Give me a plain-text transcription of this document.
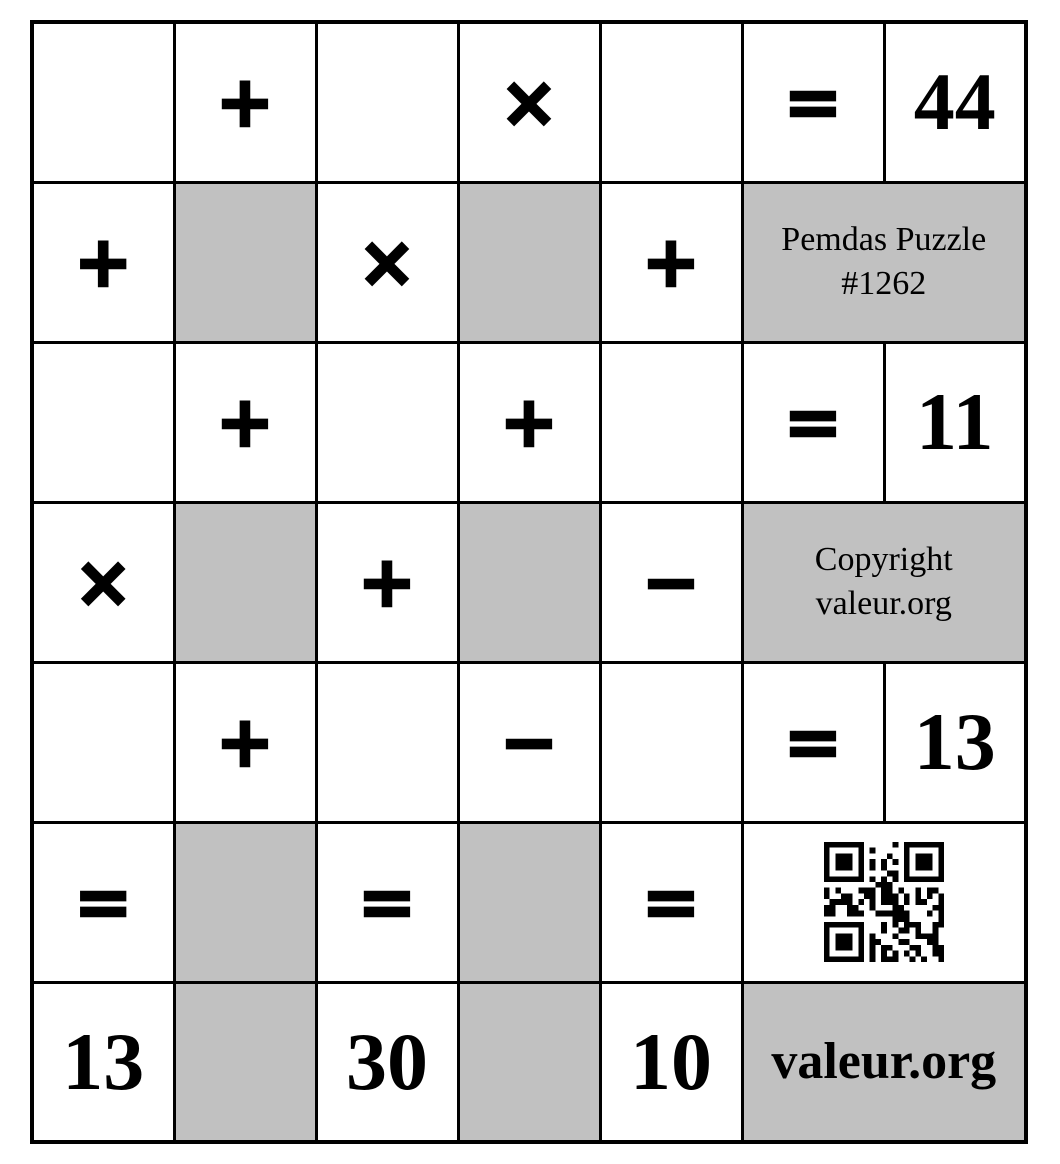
	+		×		=	44
+		×		+	Pemdas Puzzle
#1262	

	+		+		=	11
×		+		−	Copyright
valeur.org	

	+		−		=	13
=		=		=	

13		30		10	valeur.org	
